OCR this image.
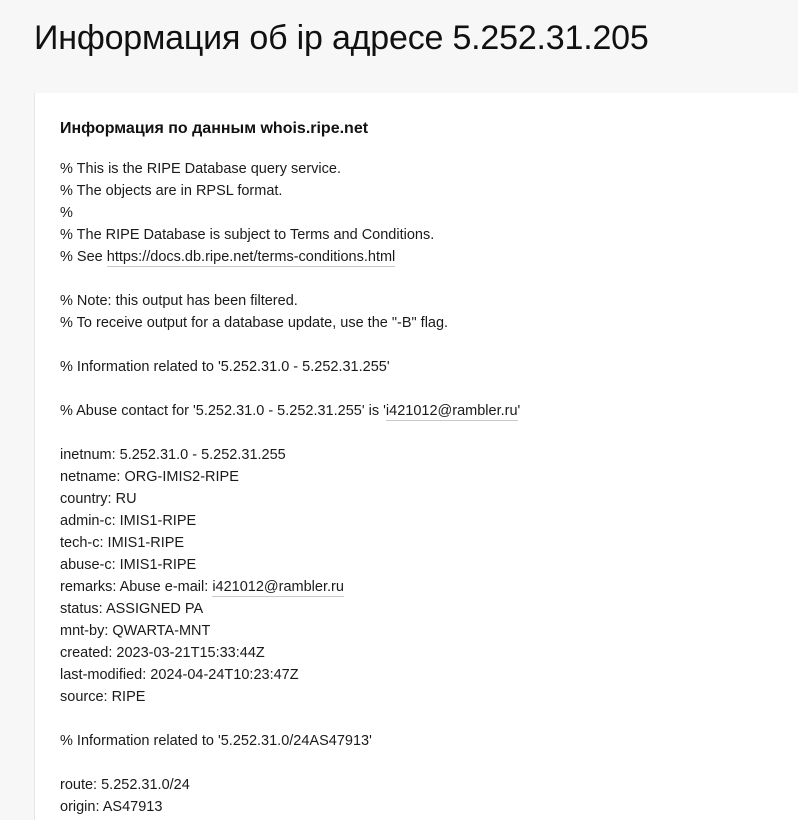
Информация об ip адресе 5.252.31.205
Информация по данным whois.ripe.net
% This is the RIPE Database query service.
% The objects are in RPSL format.
%
% The RIPE Database is subject to Terms and Conditions.
% See https://docs.db.ripe.net/terms-conditions.html
% Note: this output has been filtered.
% To receive output for a database update, use the "-B" flag.
% Information related to '5.252.31.0 - 5.252.31.255'
% Abuse contact for '5.252.31.0 - 5.252.31.255' is 'i421012@rambler.ru'
inetnum: 5.252.31.0 - 5.252.31.255
netname: ORG-IMIS2-RIPE
country: RU
admin-c: IMIS1-RIPE
tech-c: IMIS1-RIPE
abuse-c: IMIS1-RIPE
remarks: Abuse e-mail: i421012@rambler.ru
status: ASSIGNED PA
mnt-by: QWARTA-MNT
created: 2023-03-21T15:33:44Z
last-modified: 2024-04-24T10:23:47Z
source: RIPE
% Information related to '5.252.31.0/24AS47913'
route: 5.252.31.0/24
origin: AS47913
